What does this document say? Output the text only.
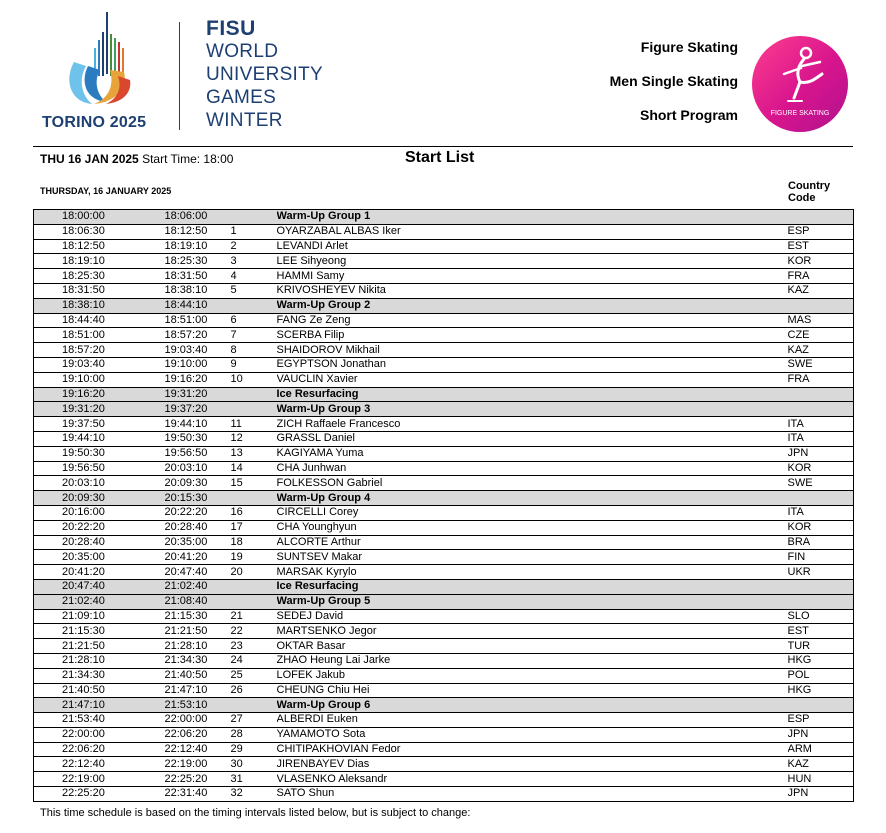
TORINO 2025
FISU
WORLD
UNIVERSITY
GAMES
WINTER
Figure Skating
Men Single Skating
Short Program	FIGURE SKATING
THU 16 JAN 2025 Start Time: 18:00	Start List
THURSDAY, 16 JANUARY 2025	Country
Code
18:00:00	18:06:00		Warm-Up Group 1	
18:06:30	18:12:50	1	OYARZABAL ALBAS Iker	ESP
18:12:50	18:19:10	2	LEVANDI Arlet	EST
18:19:10	18:25:30	3	LEE Sihyeong	KOR
18:25:30	18:31:50	4	HAMMI Samy	FRA
18:31:50	18:38:10	5	KRIVOSHEYEV Nikita	KAZ
18:38:10	18:44:10		Warm-Up Group 2	
18:44:40	18:51:00	6	FANG Ze Zeng	MAS
18:51:00	18:57:20	7	SCERBA Filip	CZE
18:57:20	19:03:40	8	SHAIDOROV Mikhail	KAZ
19:03:40	19:10:00	9	EGYPTSON Jonathan	SWE
19:10:00	19:16:20	10	VAUCLIN Xavier	FRA
19:16:20	19:31:20		Ice Resurfacing	
19:31:20	19:37:20		Warm-Up Group 3	
19:37:50	19:44:10	11	ZICH Raffaele Francesco	ITA
19:44:10	19:50:30	12	GRASSL Daniel	ITA
19:50:30	19:56:50	13	KAGIYAMA Yuma	JPN
19:56:50	20:03:10	14	CHA Junhwan	KOR
20:03:10	20:09:30	15	FOLKESSON Gabriel	SWE
20:09:30	20:15:30		Warm-Up Group 4	
20:16:00	20:22:20	16	CIRCELLI Corey	ITA
20:22:20	20:28:40	17	CHA Younghyun	KOR
20:28:40	20:35:00	18	ALCORTE Arthur	BRA
20:35:00	20:41:20	19	SUNTSEV Makar	FIN
20:41:20	20:47:40	20	MARSAK Kyrylo	UKR
20:47:40	21:02:40		Ice Resurfacing	
21:02:40	21:08:40		Warm-Up Group 5	
21:09:10	21:15:30	21	SEDEJ David	SLO
21:15:30	21:21:50	22	MARTSENKO Jegor	EST
21:21:50	21:28:10	23	OKTAR Basar	TUR
21:28:10	21:34:30	24	ZHAO Heung Lai Jarke	HKG
21:34:30	21:40:50	25	LOFEK Jakub	POL
21:40:50	21:47:10	26	CHEUNG Chiu Hei	HKG
21:47:10	21:53:10		Warm-Up Group 6	
21:53:40	22:00:00	27	ALBERDI Euken	ESP
22:00:00	22:06:20	28	YAMAMOTO Sota	JPN
22:06:20	22:12:40	29	CHITIPAKHOVIAN Fedor	ARM
22:12:40	22:19:00	30	JIRENBAYEV Dias	KAZ
22:19:00	22:25:20	31	VLASENKO Aleksandr	HUN
22:25:20	22:31:40	32	SATO Shun	JPN
This time schedule is based on the timing intervals listed below, but is subject to change:
